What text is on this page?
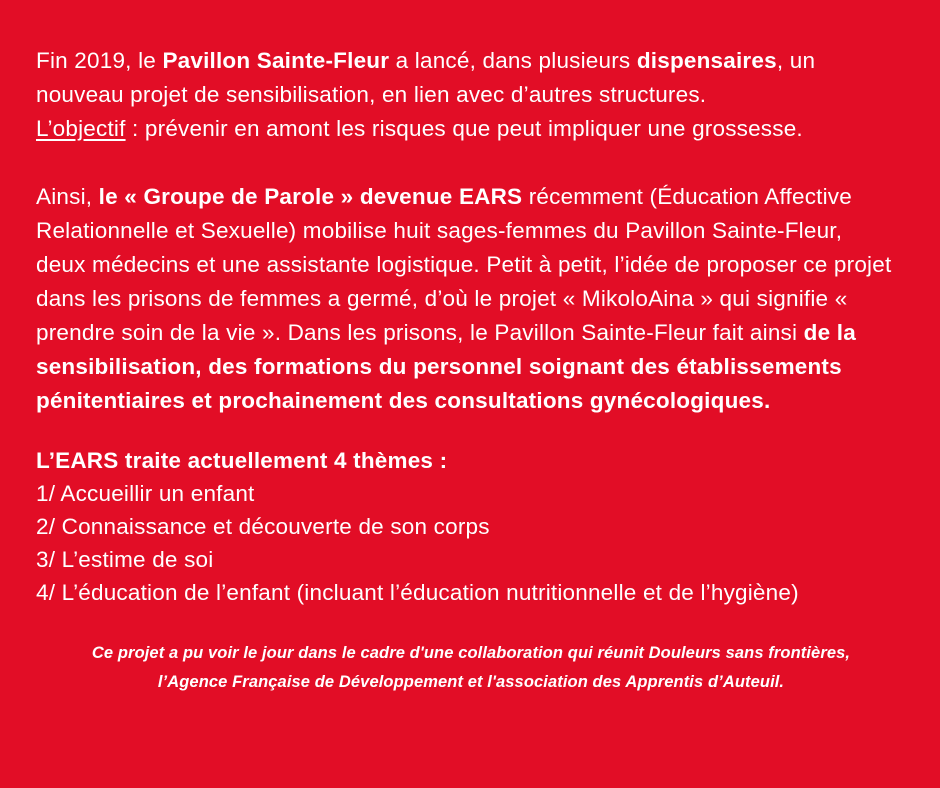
Fin 2019, le Pavillon Sainte-Fleur a lancé, dans plusieurs dispensaires, un nouveau projet de sensibilisation, en lien avec d’autres structures.
L’objectif : prévenir en amont les risques que peut impliquer une grossesse.

Ainsi, le « Groupe de Parole » devenue EARS récemment (Éducation Affective Relationnelle et Sexuelle) mobilise huit sages-femmes du Pavillon Sainte-Fleur, deux médecins et une assistante logistique. Petit à petit, l’idée de proposer ce projet dans les prisons de femmes a germé, d’où le projet « MikoloAina » qui signifie « prendre soin de la vie ». Dans les prisons, le Pavillon Sainte-Fleur fait ainsi de la sensibilisation, des formations du personnel soignant des établissements pénitentiaires et prochainement des consultations gynécologiques.

L’EARS traite actuellement 4 thèmes :

1/ Accueillir un enfant
2/ Connaissance et découverte de son corps
3/ L’estime de soi
4/ L’éducation de l’enfant (incluant l’éducation nutritionnelle et de l’hygiène)

Ce projet a pu voir le jour dans le cadre d'une collaboration qui réunit Douleurs sans frontières,
l’Agence Française de Développement et l'association des Apprentis d’Auteuil.
